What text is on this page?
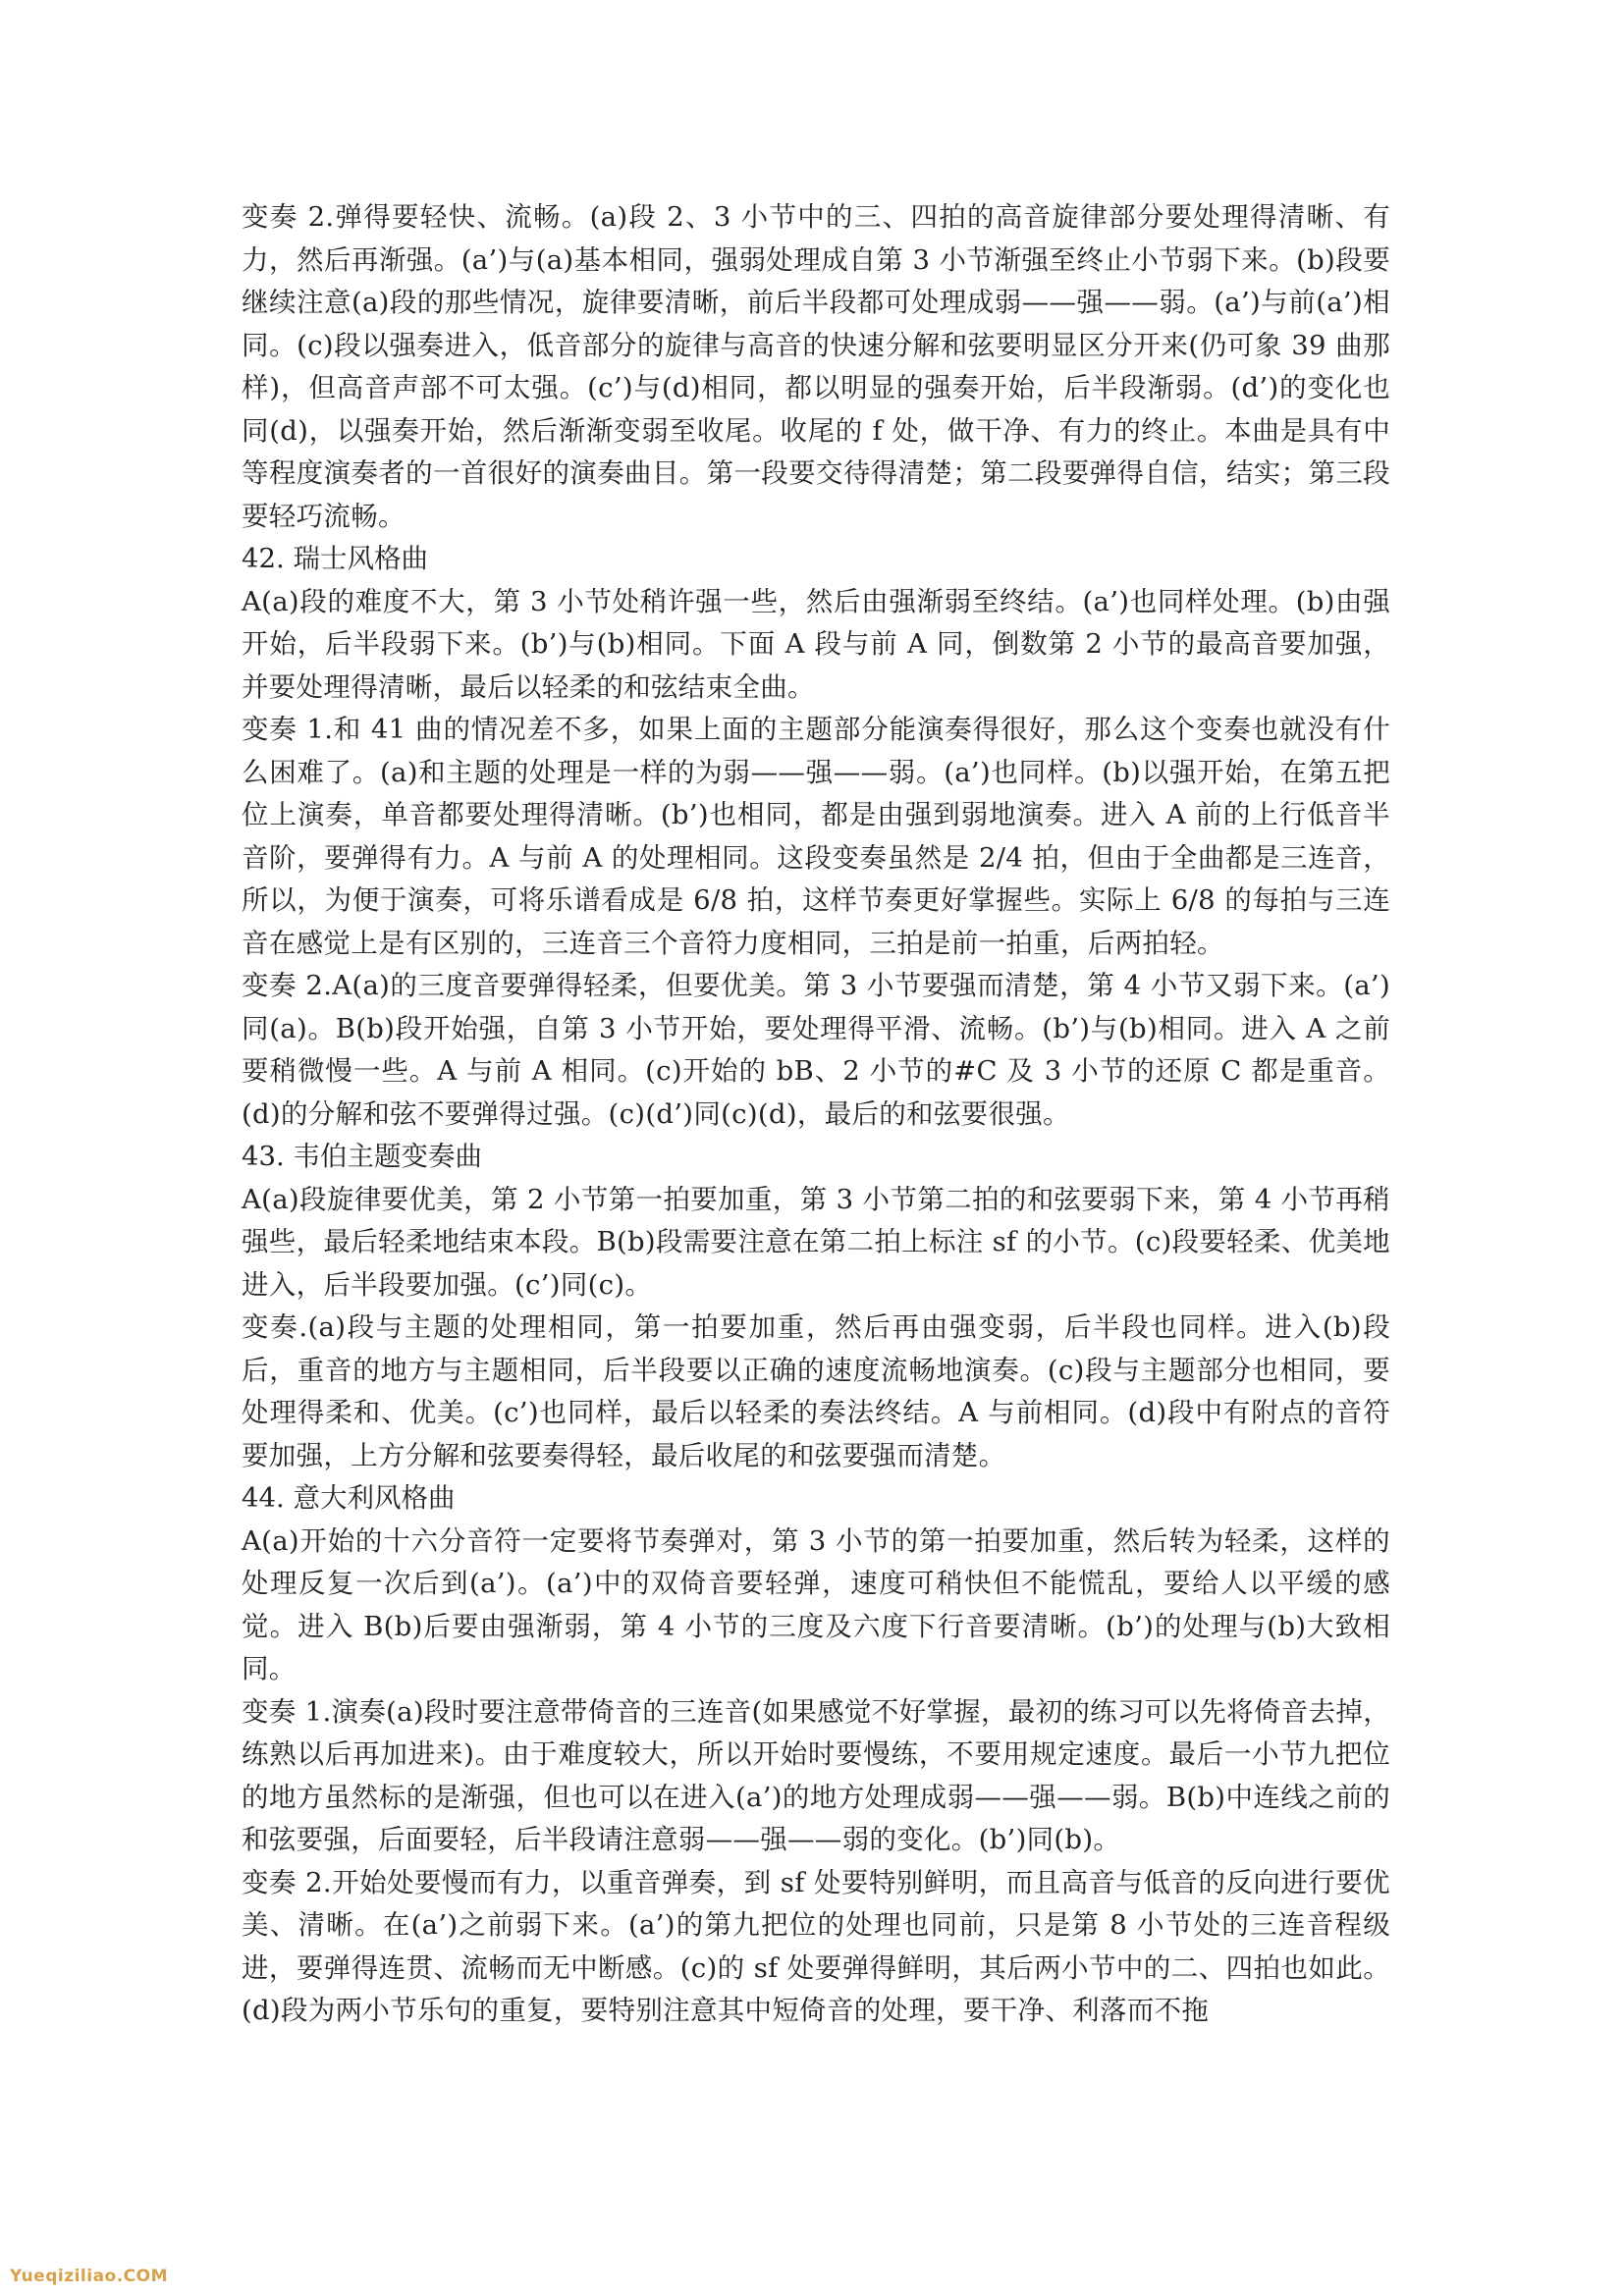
变奏 2.弹得要轻快、流畅。(a)段 2、3 小节中的三、四拍的高音旋律部分要处理得清晰、有力，然后再渐强。(a’)与(a)基本相同，强弱处理成自第 3 小节渐强至终止小节弱下来。(b)段要继续注意(a)段的那些情况，旋律要清晰，前后半段都可处理成弱——强——弱。(a’)与前(a’)相同。(c)段以强奏进入，低音部分的旋律与高音的快速分解和弦要明显区分开来(仍可象 39 曲那样)，但高音声部不可太强。(c’)与(d)相同，都以明显的强奏开始，后半段渐弱。(d’)的变化也同(d)，以强奏开始，然后渐渐变弱至收尾。收尾的 f 处，做干净、有力的终止。本曲是具有中等程度演奏者的一首很好的演奏曲目。第一段要交待得清楚；第二段要弹得自信，结实；第三段要轻巧流畅。

42. 瑞士风格曲

A(a)段的难度不大，第 3 小节处稍许强一些，然后由强渐弱至终结。(a’)也同样处理。(b)由强开始，后半段弱下来。(b’)与(b)相同。下面 A 段与前 A 同，倒数第 2 小节的最高音要加强，并要处理得清晰，最后以轻柔的和弦结束全曲。

变奏 1.和 41 曲的情况差不多，如果上面的主题部分能演奏得很好，那么这个变奏也就没有什么困难了。(a)和主题的处理是一样的为弱——强——弱。(a’)也同样。(b)以强开始，在第五把位上演奏，单音都要处理得清晰。(b’)也相同，都是由强到弱地演奏。进入 A 前的上行低音半音阶，要弹得有力。A 与前 A 的处理相同。这段变奏虽然是 2/4 拍，但由于全曲都是三连音，所以，为便于演奏，可将乐谱看成是 6/8 拍，这样节奏更好掌握些。实际上 6/8 的每拍与三连音在感觉上是有区别的，三连音三个音符力度相同，三拍是前一拍重，后两拍轻。

变奏 2.A(a)的三度音要弹得轻柔，但要优美。第 3 小节要强而清楚，第 4 小节又弱下来。(a’)同(a)。B(b)段开始强，自第 3 小节开始，要处理得平滑、流畅。(b’)与(b)相同。进入 A 之前要稍微慢一些。A 与前 A 相同。(c)开始的 bB、2 小节的#C 及 3 小节的还原 C 都是重音。(d)的分解和弦不要弹得过强。(c)(d’)同(c)(d)，最后的和弦要很强。

43. 韦伯主题变奏曲

A(a)段旋律要优美，第 2 小节第一拍要加重，第 3 小节第二拍的和弦要弱下来，第 4 小节再稍强些，最后轻柔地结束本段。B(b)段需要注意在第二拍上标注 sf 的小节。(c)段要轻柔、优美地进入，后半段要加强。(c’)同(c)。

变奏.(a)段与主题的处理相同，第一拍要加重，然后再由强变弱，后半段也同样。进入(b)段后，重音的地方与主题相同，后半段要以正确的速度流畅地演奏。(c)段与主题部分也相同，要处理得柔和、优美。(c’)也同样，最后以轻柔的奏法终结。A 与前相同。(d)段中有附点的音符要加强，上方分解和弦要奏得轻，最后收尾的和弦要强而清楚。

44. 意大利风格曲

A(a)开始的十六分音符一定要将节奏弹对，第 3 小节的第一拍要加重，然后转为轻柔，这样的处理反复一次后到(a’)。(a’)中的双倚音要轻弹，速度可稍快但不能慌乱，要给人以平缓的感觉。进入 B(b)后要由强渐弱，第 4 小节的三度及六度下行音要清晰。(b’)的处理与(b)大致相同。

变奏 1.演奏(a)段时要注意带倚音的三连音(如果感觉不好掌握，最初的练习可以先将倚音去掉，练熟以后再加进来)。由于难度较大，所以开始时要慢练，不要用规定速度。最后一小节九把位的地方虽然标的是渐强，但也可以在进入(a’)的地方处理成弱——强——弱。B(b)中连线之前的和弦要强，后面要轻，后半段请注意弱——强——弱的变化。(b’)同(b)。

变奏 2.开始处要慢而有力，以重音弹奏，到 sf 处要特别鲜明，而且高音与低音的反向进行要优美、清晰。在(a’)之前弱下来。(a’)的第九把位的处理也同前，只是第 8 小节处的三连音程级进，要弹得连贯、流畅而无中断感。(c)的 sf 处要弹得鲜明，其后两小节中的二、四拍也如此。(d)段为两小节乐句的重复，要特别注意其中短倚音的处理，要干净、利落而不拖

Yueqiziliao.COM
